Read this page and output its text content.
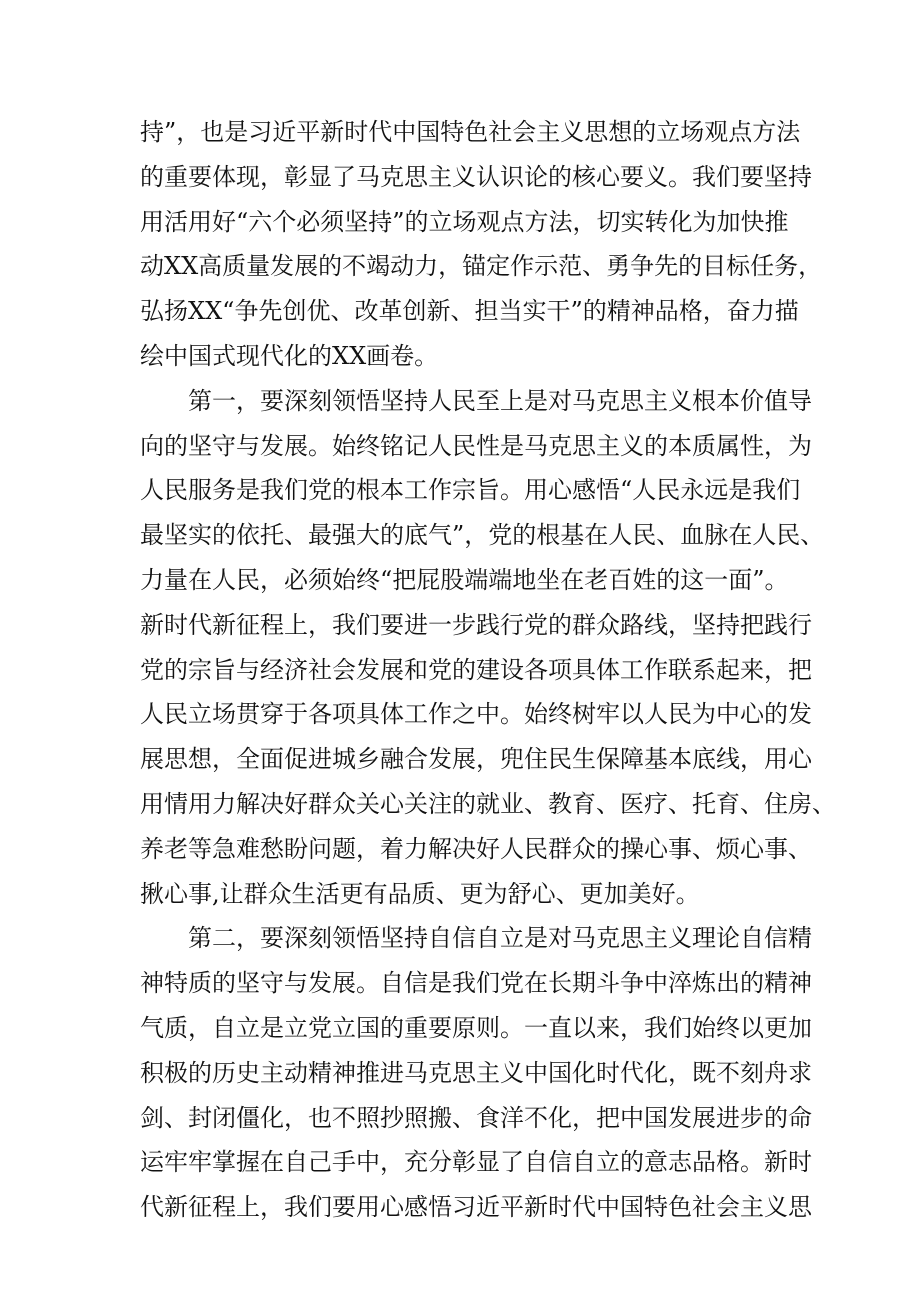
持”，也是习近平新时代中国特色社会主义思想的立场观点方法
的重要体现，彰显了马克思主义认识论的核心要义。我们要坚持
用活用好“六个必须坚持”的立场观点方法，切实转化为加快推
动XX高质量发展的不竭动力，锚定作示范、勇争先的目标任务，
弘扬XX“争先创优、改革创新、担当实干”的精神品格，奋力描
绘中国式现代化的XX画卷。
第一，要深刻领悟坚持人民至上是对马克思主义根本价值导
向的坚守与发展。始终铭记人民性是马克思主义的本质属性，为
人民服务是我们党的根本工作宗旨。用心感悟“人民永远是我们
最坚实的依托、最强大的底气”，党的根基在人民、血脉在人民、
力量在人民，必须始终“把屁股端端地坐在老百姓的这一面”。
新时代新征程上，我们要进一步践行党的群众路线，坚持把践行
党的宗旨与经济社会发展和党的建设各项具体工作联系起来，把
人民立场贯穿于各项具体工作之中。始终树牢以人民为中心的发
展思想，全面促进城乡融合发展，兜住民生保障基本底线，用心
用情用力解决好群众关心关注的就业、教育、医疗、托育、住房、
养老等急难愁盼问题，着力解决好人民群众的操心事、烦心事、
揪心事,让群众生活更有品质、更为舒心、更加美好。
第二，要深刻领悟坚持自信自立是对马克思主义理论自信精
神特质的坚守与发展。自信是我们党在长期斗争中淬炼出的精神
气质，自立是立党立国的重要原则。一直以来，我们始终以更加
积极的历史主动精神推进马克思主义中国化时代化，既不刻舟求
剑、封闭僵化，也不照抄照搬、食洋不化，把中国发展进步的命
运牢牢掌握在自己手中，充分彰显了自信自立的意志品格。新时
代新征程上，我们要用心感悟习近平新时代中国特色社会主义思
